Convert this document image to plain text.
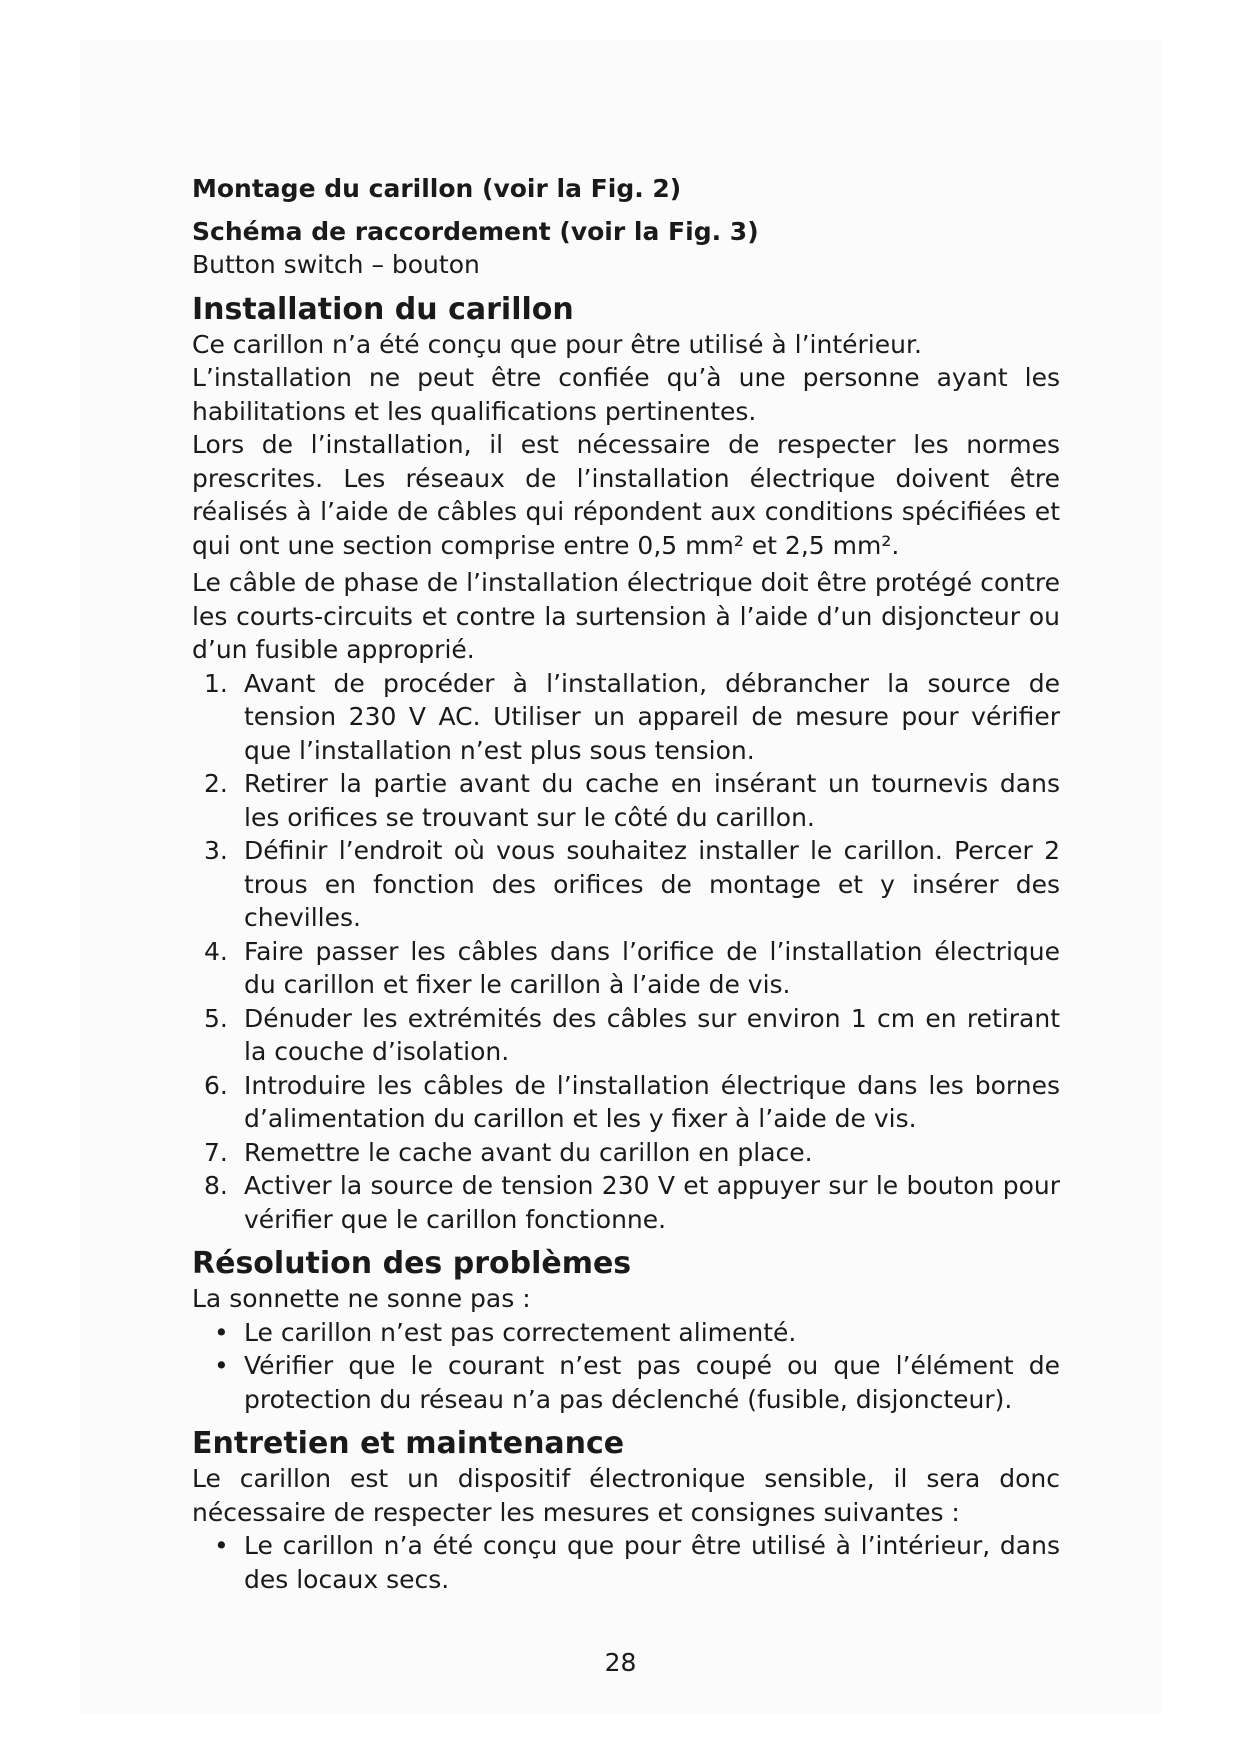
Montage du carillon (voir la Fig. 2)

Schéma de raccordement (voir la Fig. 3)

Button switch – bouton

Installation du carillon

Ce carillon n’a été conçu que pour être utilisé à l’intérieur.

L’installation ne peut être confiée qu’à une personne ayant les habilitations et les qualifications pertinentes.

Lors de l’installation, il est nécessaire de respecter les normes prescrites. Les réseaux de l’installation électrique doivent être réalisés à l’aide de câbles qui répondent aux conditions spécifiées et qui ont une section comprise entre 0,5 mm² et 2,5 mm².

Le câble de phase de l’installation électrique doit être protégé contre les courts-circuits et contre la surtension à l’aide d’un disjoncteur ou d’un fusible approprié.

1. Avant de procéder à l’installation, débrancher la source de tension 230 V AC. Utiliser un appareil de mesure pour vérifier que l’installation n’est plus sous tension.
2. Retirer la partie avant du cache en insérant un tournevis dans les orifices se trouvant sur le côté du carillon.
3. Définir l’endroit où vous souhaitez installer le carillon. Percer 2 trous en fonction des orifices de montage et y insérer des chevilles.
4. Faire passer les câbles dans l’orifice de l’installation électrique du carillon et fixer le carillon à l’aide de vis.
5. Dénuder les extrémités des câbles sur environ 1 cm en retirant la couche d’isolation.
6. Introduire les câbles de l’installation électrique dans les bornes d’alimentation du carillon et les y fixer à l’aide de vis.
7. Remettre le cache avant du carillon en place.
8. Activer la source de tension 230 V et appuyer sur le bouton pour vérifier que le carillon fonctionne.
Résolution des problèmes

La sonnette ne sonne pas :

• Le carillon n’est pas correctement alimenté.
• Vérifier que le courant n’est pas coupé ou que l’élément de protection du réseau n’a pas déclenché (fusible, disjoncteur).
Entretien et maintenance

Le carillon est un dispositif électronique sensible, il sera donc nécessaire de respecter les mesures et consignes suivantes :

• Le carillon n’a été conçu que pour être utilisé à l’intérieur, dans des locaux secs.
28
